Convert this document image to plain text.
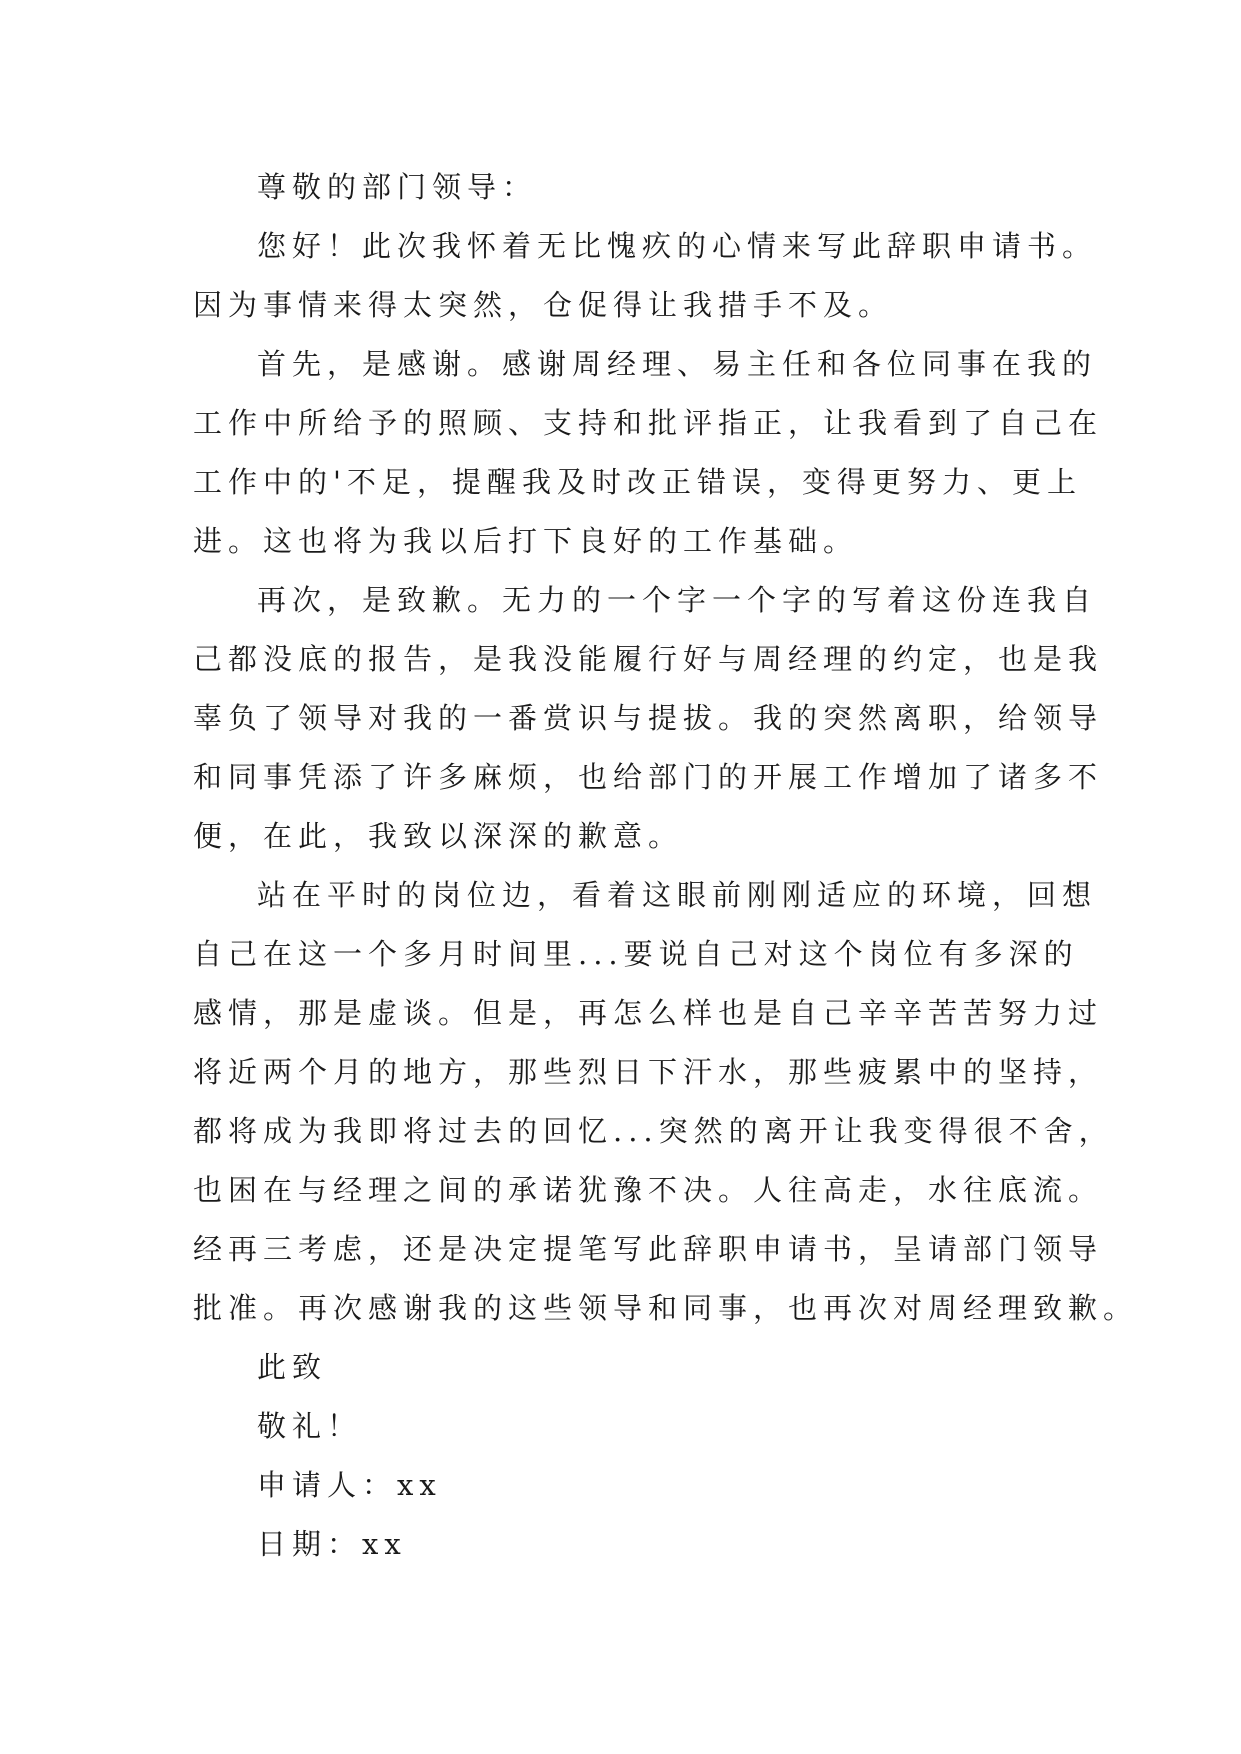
尊敬的部门领导：
您好！此次我怀着无比愧疚的心情来写此辞职申请书。
因为事情来得太突然，仓促得让我措手不及。
首先，是感谢。感谢周经理、易主任和各位同事在我的
工作中所给予的照顾、支持和批评指正，让我看到了自己在
工作中的'不足，提醒我及时改正错误，变得更努力、更上
进。这也将为我以后打下良好的工作基础。
再次，是致歉。无力的一个字一个字的写着这份连我自
己都没底的报告，是我没能履行好与周经理的约定，也是我
辜负了领导对我的一番赏识与提拔。我的突然离职，给领导
和同事凭添了许多麻烦，也给部门的开展工作增加了诸多不
便，在此，我致以深深的歉意。
站在平时的岗位边，看着这眼前刚刚适应的环境，回想
自己在这一个多月时间里...要说自己对这个岗位有多深的
感情，那是虚谈。但是，再怎么样也是自己辛辛苦苦努力过
将近两个月的地方，那些烈日下汗水，那些疲累中的坚持，
都将成为我即将过去的回忆...突然的离开让我变得很不舍，
也困在与经理之间的承诺犹豫不决。人往高走，水往底流。
经再三考虑，还是决定提笔写此辞职申请书，呈请部门领导
批准。再次感谢我的这些领导和同事，也再次对周经理致歉。
此致
敬礼！
申请人：xx
日期：xx
